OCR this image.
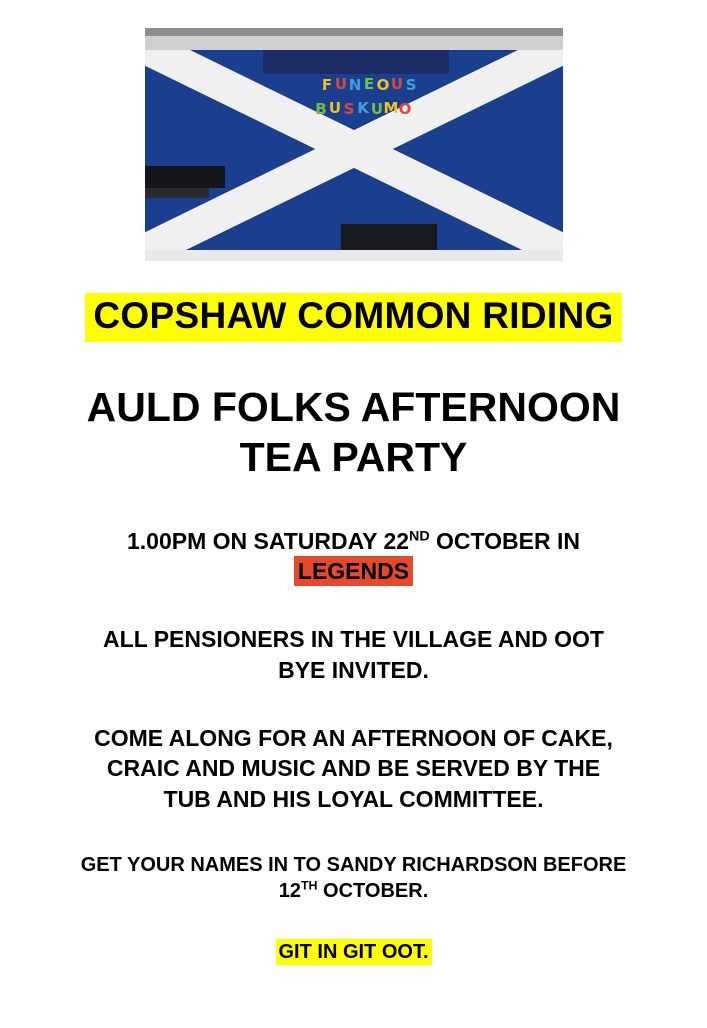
F U N E O U S
B U S K U M O
COPSHAW COMMON RIDING
AULD FOLKS AFTERNOON
TEA PARTY
1.00PM ON SATURDAY 22ND OCTOBER IN
LEGENDS
ALL PENSIONERS IN THE VILLAGE AND OOT
BYE INVITED.
COME ALONG FOR AN AFTERNOON OF CAKE,
CRAIC AND MUSIC AND BE SERVED BY THE
TUB AND HIS LOYAL COMMITTEE.
GET YOUR NAMES IN TO SANDY RICHARDSON BEFORE
12TH OCTOBER.
GIT IN GIT OOT.
